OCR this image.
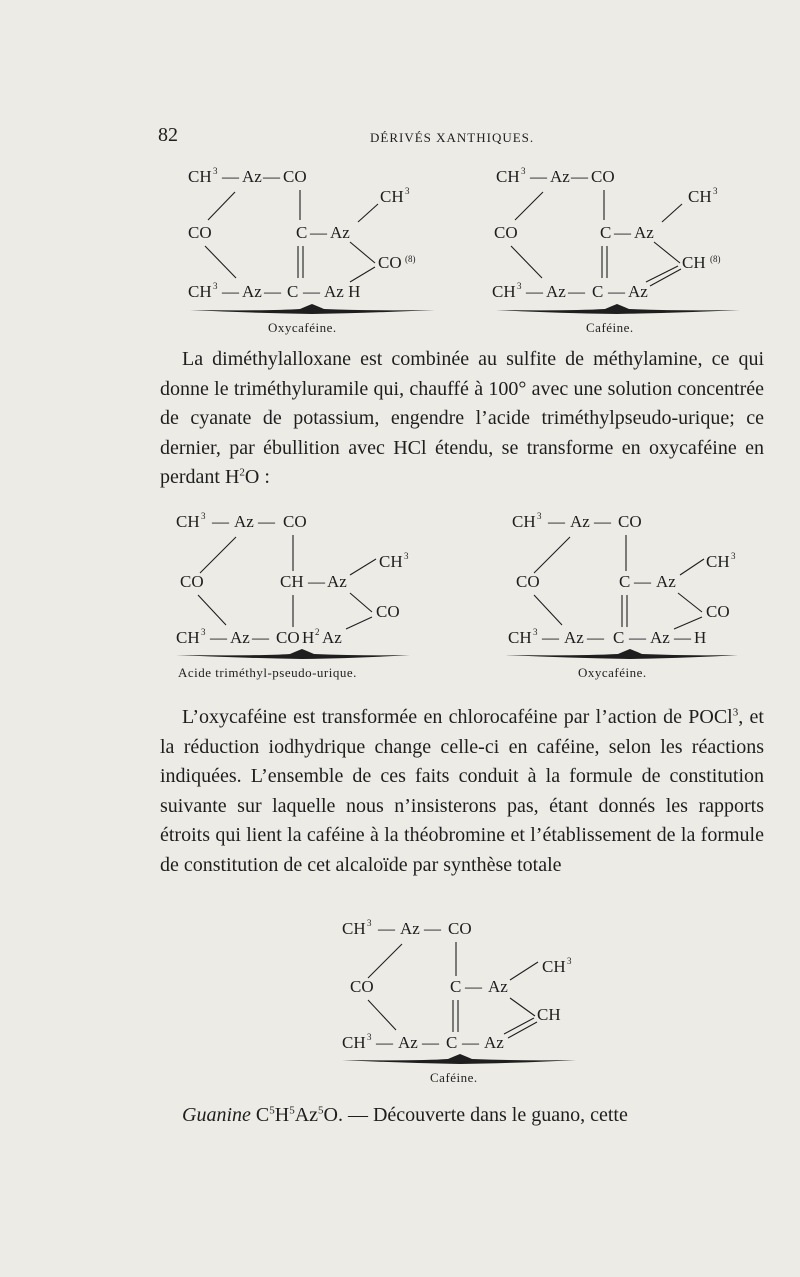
82	DÉRIVÉS XANTHIQUES.
CH 3 — Az — CO
CH 3
CO	C — Az
CO (8)
CH 3 — Az — C — Az H
Oxycaféine.
CH 3 — Az — CO
CH 3
CO	C — Az
CH (8)
CH 3 — Az — C — Az
Caféine.

La diméthylalloxane est combinée au sulfite de méthylamine, ce qui donne le triméthyluramile qui, chauffé à 100° avec une solution concentrée de cyanate de potassium, engendre l’acide triméthylpseudo-urique; ce dernier, par ébullition avec HCl étendu, se transforme en oxycaféine en perdant $H^2O$ :

CH 3 — Az — CO
CH 3
CO	CH — Az
CO
CH 3 — Az — CO H 2 Az
Acide triméthyl-pseudo-urique.
CH 3 — Az — CO
CH 3
CO	C — Az
CO
CH 3 — Az — C — Az — H
Oxycaféine.

L’oxycaféine est transformée en chlorocaféine par l’action de POCl$^3$, et la réduction iodhydrique change celle-ci en caféine, selon les réactions indiquées. L’ensemble de ces faits conduit à la formule de constitution suivante sur laquelle nous n’insisterons pas, étant donnés les rapports étroits qui lient la caféine à la théobromine et l’établissement de la formule de constitution de cet alcaloïde par synthèse totale

CH 3 — Az — CO
CH 3
CO	C — Az
CH
CH 3 — Az — C — Az
Caféine.
Guanine $C^5H^5Az^5O$. — Découverte dans le guano, cette
